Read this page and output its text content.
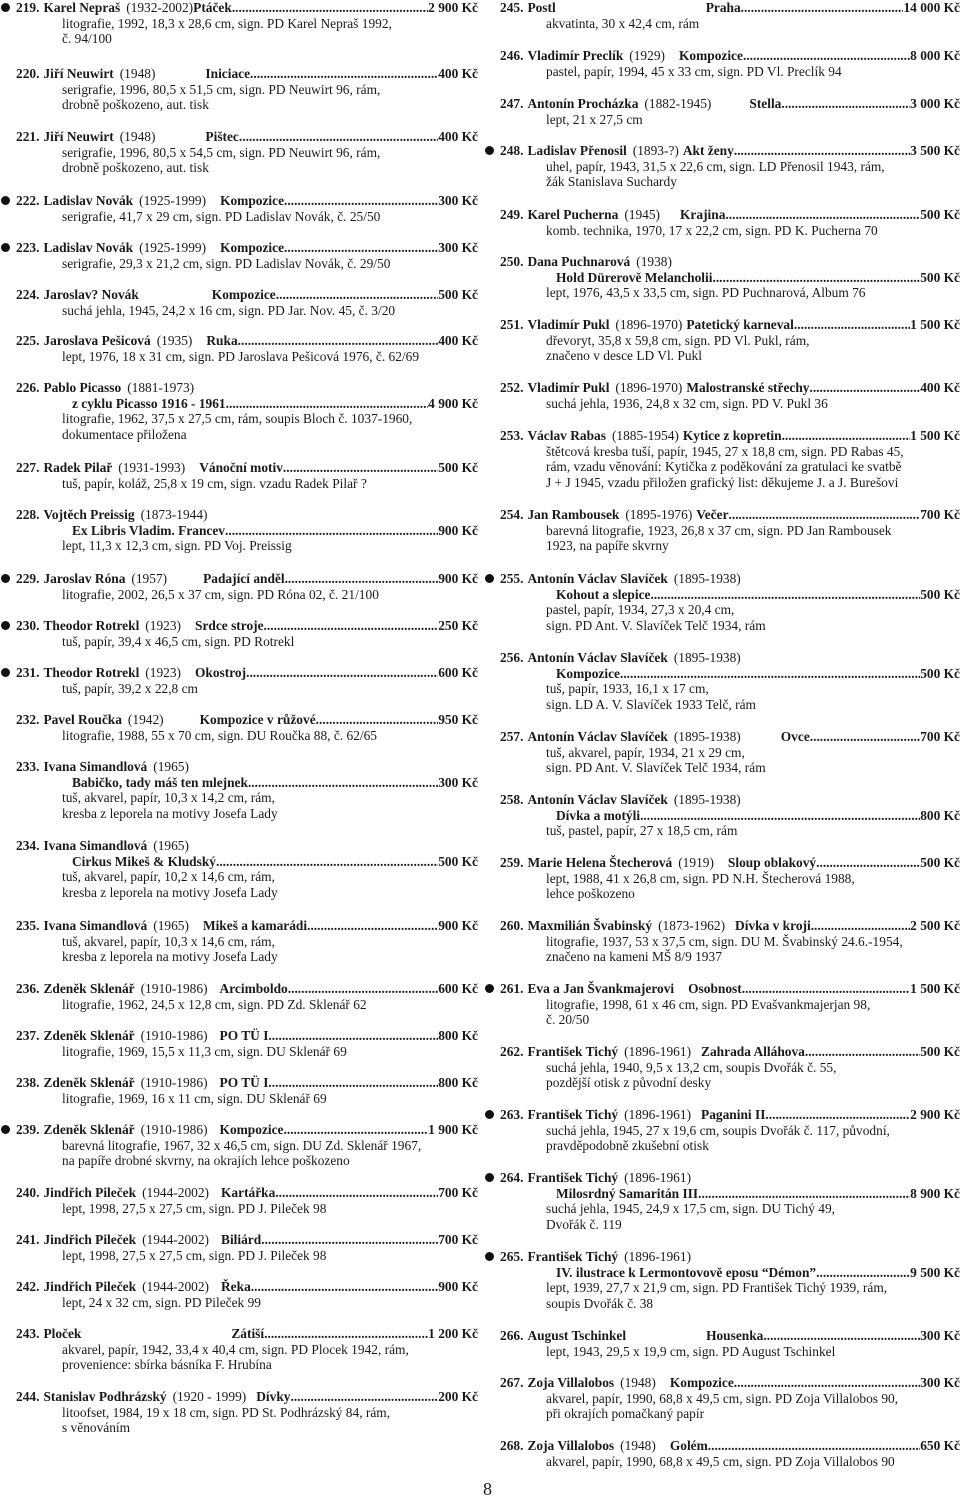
219. Karel Nepraš (1932-2002) Ptáček .....	2 900 Kč
litografie, 1992, 18,3 x 28,6 cm, sign. PD Karel Nepraš 1992,
č. 94/100
220. Jiří Neuwirt (1948)	Iniciace .....	400 Kč
serigrafie, 1996, 80,5 x 51,5 cm, sign. PD Neuwirt 96, rám,
drobně poškozeno, aut. tisk
221. Jiří Neuwirt (1948)	Pištec .....	400 Kč
serigrafie, 1996, 80,5 x 54,5 cm, sign. PD Neuwirt 96, rám,
drobně poškozeno, aut. tisk
222. Ladislav Novák (1925-1999)	Kompozice .....	300 Kč
serigrafie, 41,7 x 29 cm, sign. PD Ladislav Novák, č. 25/50
223. Ladislav Novák (1925-1999)	Kompozice .....	300 Kč
serigrafie, 29,3 x 21,2 cm, sign. PD Ladislav Novák, č. 29/50
224. Jaroslav? Novák	Kompozice .....	500 Kč
suchá jehla, 1945, 24,2 x 16 cm, sign. PD Jar. Nov. 45, č. 3/20
225. Jaroslava Pešicová (1935)	Ruka .....	400 Kč
lept, 1976, 18 x 31 cm, sign. PD Jaroslava Pešicová 1976, č. 62/69
226. Pablo Picasso (1881-1973)
z cyklu Picasso 1916 - 1961 .....	4 900 Kč
litografie, 1962, 37,5 x 27,5 cm, rám, soupis Bloch č. 1037-1960,
dokumentace přiložena
227. Radek Pilař (1931-1993)	Vánoční motiv .....	500 Kč
tuš, papír, koláž, 25,8 x 19 cm, sign. vzadu Radek Pilař ?
228. Vojtěch Preissig (1873-1944)
Ex Libris Vladim. Francev .....	900 Kč
lept, 11,3 x 12,3 cm, sign. PD Voj. Preissig
229. Jaroslav Róna (1957)	Padající anděl .....	900 Kč
litografie, 2002, 26,5 x 37 cm, sign. PD Róna 02, č. 21/100
230. Theodor Rotrekl (1923)	Srdce stroje .....	250 Kč
tuš, papír, 39,4 x 46,5 cm, sign. PD Rotrekl
231. Theodor Rotrekl (1923)	Okostroj .....	600 Kč
tuš, papír, 39,2 x 22,8 cm
232. Pavel Roučka (1942)	Kompozice v růžové .....	950 Kč
litografie, 1988, 55 x 70 cm, sign. DU Roučka 88, č. 62/65
233. Ivana Simandlová (1965)
Babičko, tady máš ten mlejnek .....	300 Kč
tuš, akvarel, papír, 10,3 x 14,2 cm, rám,
kresba z leporela na motivy Josefa Lady
234. Ivana Simandlová (1965)
Cirkus Mikeš & Kludský .....	500 Kč
tuš, akvarel, papír, 10,2 x 14,6 cm, rám,
kresba z leporela na motivy Josefa Lady
235. Ivana Simandlová (1965)	Mikeš a kamarádi .....	900 Kč
tuš, akvarel, papír, 10,3 x 14,6 cm, rám,
kresba z leporela na motivy Josefa Lady
236. Zdeněk Sklenář (1910-1986) Arcimboldo .....	600 Kč
litografie, 1962, 24,5 x 12,8 cm, sign. PD Zd. Sklenář 62
237. Zdeněk Sklenář (1910-1986) PO TÜ I .....	800 Kč
litografie, 1969, 15,5 x 11,3 cm, sign. DU Sklenář 69
238. Zdeněk Sklenář (1910-1986) PO TÜ I .....	800 Kč
litografie, 1969, 16 x 11 cm, sign. DU Sklenář 69
239. Zdeněk Sklenář (1910-1986) Kompozice .....	1 900 Kč
barevná litografie, 1967, 32 x 46,5 cm, sign. DU Zd. Sklenář 1967,
na papíře drobné skvrny, na okrajích lehce poškozeno
240. Jindřich Pileček (1944-2002) Kartářka .....	700 Kč
lept, 1998, 27,5 x 27,5 cm, sign. PD J. Pileček 98
241. Jindřich Pileček (1944-2002) Biliárd .....	700 Kč
lept, 1998, 27,5 x 27,5 cm, sign. PD J. Pileček 98
242. Jindřich Pileček (1944-2002) Řeka .....	900 Kč
lept, 24 x 32 cm, sign. PD Pileček 99
243. Ploček	Zátiší .....	1 200 Kč
akvarel, papír, 1942, 33,4 x 40,4 cm, sign. PD Plocek 1942, rám,
provenience: sbírka básníka F. Hrubína
244. Stanislav Podhrázský (1920 - 1999) Dívky .....	200 Kč
litoofset, 1984, 19 x 18 cm, sign. PD St. Podhrázský 84, rám,
s věnováním
245. Postl	Praha .....	14 000 Kč
akvatinta, 30 x 42,4 cm, rám
246. Vladimír Preclík (1929)	Kompozice .....	8 000 Kč
pastel, papír, 1994, 45 x 33 cm, sign. PD Vl. Preclík 94
247. Antonín Procházka (1882-1945)	Stella .....	3 000 Kč
lept, 21 x 27,5 cm
248. Ladislav Přenosil (1893-?) Akt ženy .....	3 500 Kč
uhel, papír, 1943, 31,5 x 22,6 cm, sign. LD Přenosil 1943, rám,
žák Stanislava Suchardy
249. Karel Pucherna (1945)	Krajina .....	500 Kč
komb. technika, 1970, 17 x 22,2 cm, sign. PD K. Pucherna 70
250. Dana Puchnarová (1938)
Hold Dürerově Melancholii .....	500 Kč
lept, 1976, 43,5 x 33,5 cm, sign. PD Puchnarová, Album 76
251. Vladimír Pukl (1896-1970) Patetický karneval .....	1 500 Kč
dřevoryt, 35,8 x 59,8 cm, sign. PD Vl. Pukl, rám,
značeno v desce LD Vl. Pukl
252. Vladimír Pukl (1896-1970) Malostranské střechy .....	400 Kč
suchá jehla, 1936, 24,8 x 32 cm, sign. PD V. Pukl 36
253. Václav Rabas (1885-1954) Kytice z kopretin .....	1 500 Kč
štětcová kresba tuší, papír, 1945, 27 x 18,8 cm, sign. PD Rabas 45,
rám, vzadu věnování: Kytička z poděkování za gratulaci ke svatbě
J + J 1945, vzadu přiložen grafický list: děkujeme J. a J. Burešovi
254. Jan Rambousek (1895-1976) Večer .....	700 Kč
barevná litografie, 1923, 26,8 x 37 cm, sign. PD Jan Rambousek
1923, na papíře skvrny
255. Antonín Václav Slavíček (1895-1938)
Kohout a slepice .....	500 Kč
pastel, papír, 1934, 27,3 x 20,4 cm,
sign. PD Ant. V. Slavíček Telč 1934, rám
256. Antonín Václav Slavíček (1895-1938)
Kompozice .....	500 Kč
tuš, papír, 1933, 16,1 x 17 cm,
sign. LD A. V. Slavíček 1933 Telč, rám
257. Antonín Václav Slavíček (1895-1938)	Ovce .....	700 Kč
tuš, akvarel, papír, 1934, 21 x 29 cm,
sign. PD Ant. V. Slavíček Telč 1934, rám
258. Antonín Václav Slavíček (1895-1938)
Dívka a motýli .....	800 Kč
tuš, pastel, papír, 27 x 18,5 cm, rám
259. Marie Helena Štecherová (1919)	Sloup oblakový .....	500 Kč
lept, 1988, 41 x 26,8 cm, sign. PD N.H. Štecherová 1988,
lehce poškozeno
260. Maxmilián Švabinský (1873-1962) Dívka v kroji .....	2 500 Kč
litografie, 1937, 53 x 37,5 cm, sign. DU M. Švabinský 24.6.-1954,
značeno na kameni MŠ 8/9 1937
261. Eva a Jan Švankmajerovi	Osobnost .....	1 500 Kč
litografie, 1998, 61 x 46 cm, sign. PD Evašvankmajerjan 98,
č. 20/50
262. František Tichý (1896-1961) Zahrada Alláhova .....	500 Kč
suchá jehla, 1940, 9,5 x 13,2 cm, soupis Dvořák č. 55,
pozdější otisk z původní desky
263. František Tichý (1896-1961) Paganini II. .....	2 900 Kč
suchá jehla, 1945, 27 x 19,6 cm, soupis Dvořák č. 117, původní,
pravděpodobně zkušební otisk
264. František Tichý (1896-1961)
Milosrdný Samaritán III. .....	8 900 Kč
suchá jehla, 1945, 24,9 x 17,5 cm, sign. DU Tichý 49,
Dvořák č. 119
265. František Tichý (1896-1961)
IV. ilustrace k Lermontovově eposu “Démon” .....	9 500 Kč
lept, 1939, 27,7 x 21,9 cm, sign. PD František Tichý 1939, rám,
soupis Dvořák č. 38
266. August Tschinkel	Housenka .....	300 Kč
lept, 1943, 29,5 x 19,9 cm, sign. PD August Tschinkel
267. Zoja Villalobos (1948)	Kompozice .....	300 Kč
akvarel, papír, 1990, 68,8 x 49,5 cm, sign. PD Zoja Villalobos 90,
při okrajích pomačkaný papír
268. Zoja Villalobos (1948)	Golém .....	650 Kč
akvarel, papír, 1990, 68,8 x 49,5 cm, sign. PD Zoja Villalobos 90
8
